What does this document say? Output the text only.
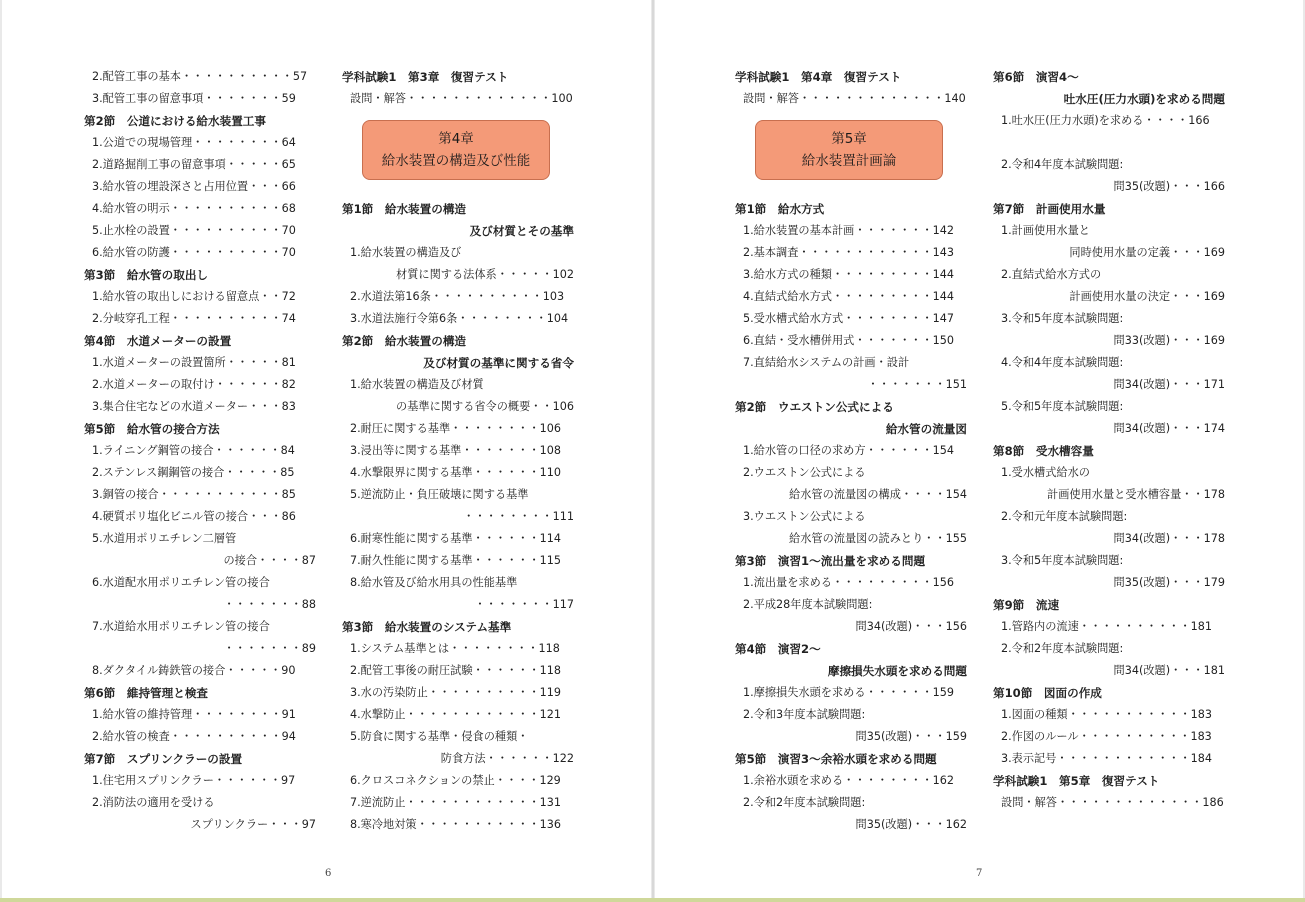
2.配管工事の基本・・・・・・・・・・57
3.配管工事の留意事項・・・・・・・59
第2節　公道における給水装置工事
1.公道での現場管理・・・・・・・・64
2.道路掘削工事の留意事項・・・・・65
3.給水管の埋設深さと占用位置・・・66
4.給水管の明示・・・・・・・・・・68
5.止水栓の設置・・・・・・・・・・70
6.給水管の防護・・・・・・・・・・70
第3節　給水管の取出し
1.給水管の取出しにおける留意点・・72
2.分岐穿孔工程・・・・・・・・・・74
第4節　水道メーターの設置
1.水道メーターの設置箇所・・・・・81
2.水道メーターの取付け・・・・・・82
3.集合住宅などの水道メーター・・・83
第5節　給水管の接合方法
1.ライニング鋼管の接合・・・・・・84
2.ステンレス鋼鋼管の接合・・・・・85
3.銅管の接合・・・・・・・・・・・85
4.硬質ポリ塩化ビニル管の接合・・・86
5.水道用ポリエチレン二層管
の接合・・・・87
6.水道配水用ポリエチレン管の接合
・・・・・・・88
7.水道給水用ポリエチレン管の接合
・・・・・・・89
8.ダクタイル鋳鉄管の接合・・・・・90
第6節　維持管理と検査
1.給水管の維持管理・・・・・・・・91
2.給水管の検査・・・・・・・・・・94
第7節　スプリンクラーの設置
1.住宅用スプリンクラー・・・・・・97
2.消防法の適用を受ける
スプリンクラー・・・97
学科試験1　第3章　復習テスト
設問・解答・・・・・・・・・・・・・100
第4章
給水装置の構造及び性能
第1節　給水装置の構造
及び材質とその基準
1.給水装置の構造及び
材質に関する法体系・・・・・102
2.水道法第16条・・・・・・・・・・103
3.水道法施行令第6条・・・・・・・・104
第2節　給水装置の構造
及び材質の基準に関する省令
1.給水装置の構造及び材質
の基準に関する省令の概要・・106
2.耐圧に関する基準・・・・・・・・106
3.浸出等に関する基準・・・・・・・108
4.水撃限界に関する基準・・・・・・110
5.逆流防止・負圧破壊に関する基準
・・・・・・・・111
6.耐寒性能に関する基準・・・・・・114
7.耐久性能に関する基準・・・・・・115
8.給水管及び給水用具の性能基準
・・・・・・・117
第3節　給水装置のシステム基準
1.システム基準とは・・・・・・・・118
2.配管工事後の耐圧試験・・・・・・118
3.水の汚染防止・・・・・・・・・・119
4.水撃防止・・・・・・・・・・・・121
5.防食に関する基準・侵食の種類・
防食方法・・・・・・122
6.クロスコネクションの禁止・・・・129
7.逆流防止・・・・・・・・・・・・131
8.寒冷地対策・・・・・・・・・・・136
学科試験1　第4章　復習テスト
設問・解答・・・・・・・・・・・・・140
第5章
給水装置計画論
第1節　給水方式
1.給水装置の基本計画・・・・・・・142
2.基本調査・・・・・・・・・・・・143
3.給水方式の種類・・・・・・・・・144
4.直結式給水方式・・・・・・・・・144
5.受水槽式給水方式・・・・・・・・147
6.直結・受水槽併用式・・・・・・・150
7.直結給水システムの計画・設計
・・・・・・・151
第2節　ウエストン公式による
給水管の流量図
1.給水管の口径の求め方・・・・・・154
2.ウエストン公式による
給水管の流量図の構成・・・・154
3.ウエストン公式による
給水管の流量図の読みとり・・155
第3節　演習1～流出量を求める問題
1.流出量を求める・・・・・・・・・156
2.平成28年度本試験問題:
問34(改題)・・・156
第4節　演習2～
摩擦損失水頭を求める問題
1.摩擦損失水頭を求める・・・・・・159
2.令和3年度本試験問題:
問35(改題)・・・159
第5節　演習3～余裕水頭を求める問題
1.余裕水頭を求める・・・・・・・・162
2.令和2年度本試験問題:
問35(改題)・・・162
第6節　演習4～
吐水圧(圧力水頭)を求める問題
1.吐水圧(圧力水頭)を求める・・・・166
2.令和4年度本試験問題:
問35(改題)・・・166
第7節　計画使用水量
1.計画使用水量と
同時使用水量の定義・・・169
2.直結式給水方式の
計画使用水量の決定・・・169
3.令和5年度本試験問題:
問33(改題)・・・169
4.令和4年度本試験問題:
問34(改題)・・・171
5.令和5年度本試験問題:
問34(改題)・・・174
第8節　受水槽容量
1.受水槽式給水の
計画使用水量と受水槽容量・・178
2.令和元年度本試験問題:
問34(改題)・・・178
3.令和5年度本試験問題:
問35(改題)・・・179
第9節　流速
1.管路内の流速・・・・・・・・・・181
2.令和2年度本試験問題:
問34(改題)・・・181
第10節　図面の作成
1.図面の種類・・・・・・・・・・・183
2.作図のルール・・・・・・・・・・183
3.表示記号・・・・・・・・・・・・184
学科試験1　第5章　復習テスト
設問・解答・・・・・・・・・・・・・186
6	7
